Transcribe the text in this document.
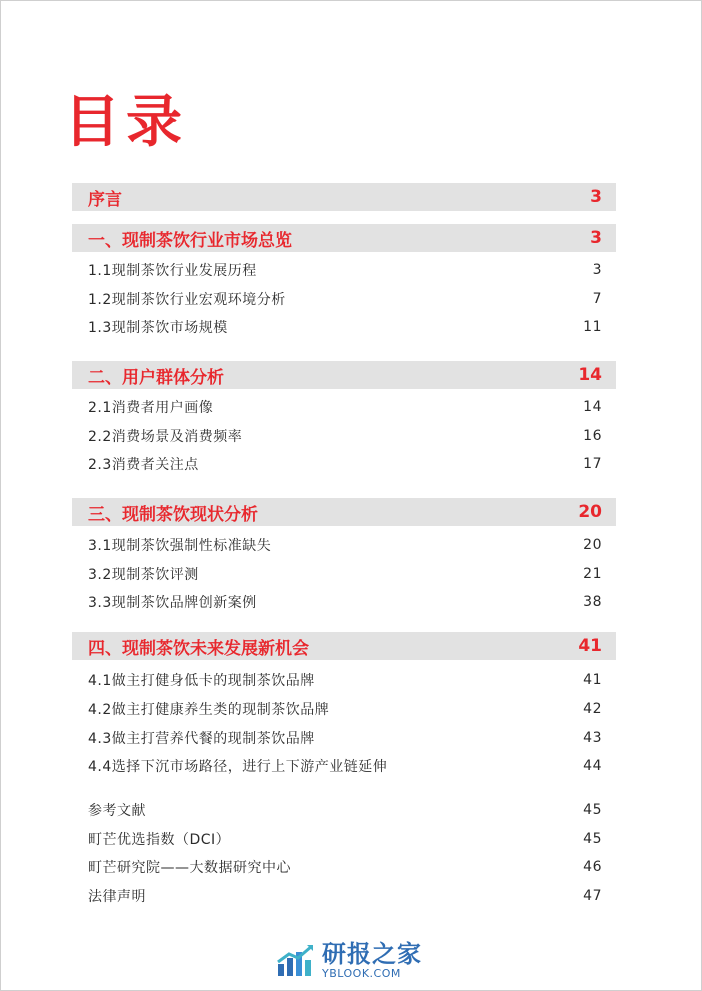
目录
序言	3
一、现制茶饮行业市场总览	3
1.1现制茶饮行业发展历程	3
1.2现制茶饮行业宏观环境分析	7
1.3现制茶饮市场规模	11
二、用户群体分析	14
2.1消费者用户画像	14
2.2消费场景及消费频率	16
2.3消费者关注点	17
三、现制茶饮现状分析	20
3.1现制茶饮强制性标准缺失	20
3.2现制茶饮评测	21
3.3现制茶饮品牌创新案例	38
四、现制茶饮未来发展新机会	41
4.1做主打健身低卡的现制茶饮品牌	41
4.2做主打健康养生类的现制茶饮品牌	42
4.3做主打营养代餐的现制茶饮品牌	43
4.4选择下沉市场路径，进行上下游产业链延伸	44
参考文献	45
町芒优选指数（DCI）	45
町芒研究院——大数据研究中心	46
法律声明	47
研报之家
YBLOOK.COM
